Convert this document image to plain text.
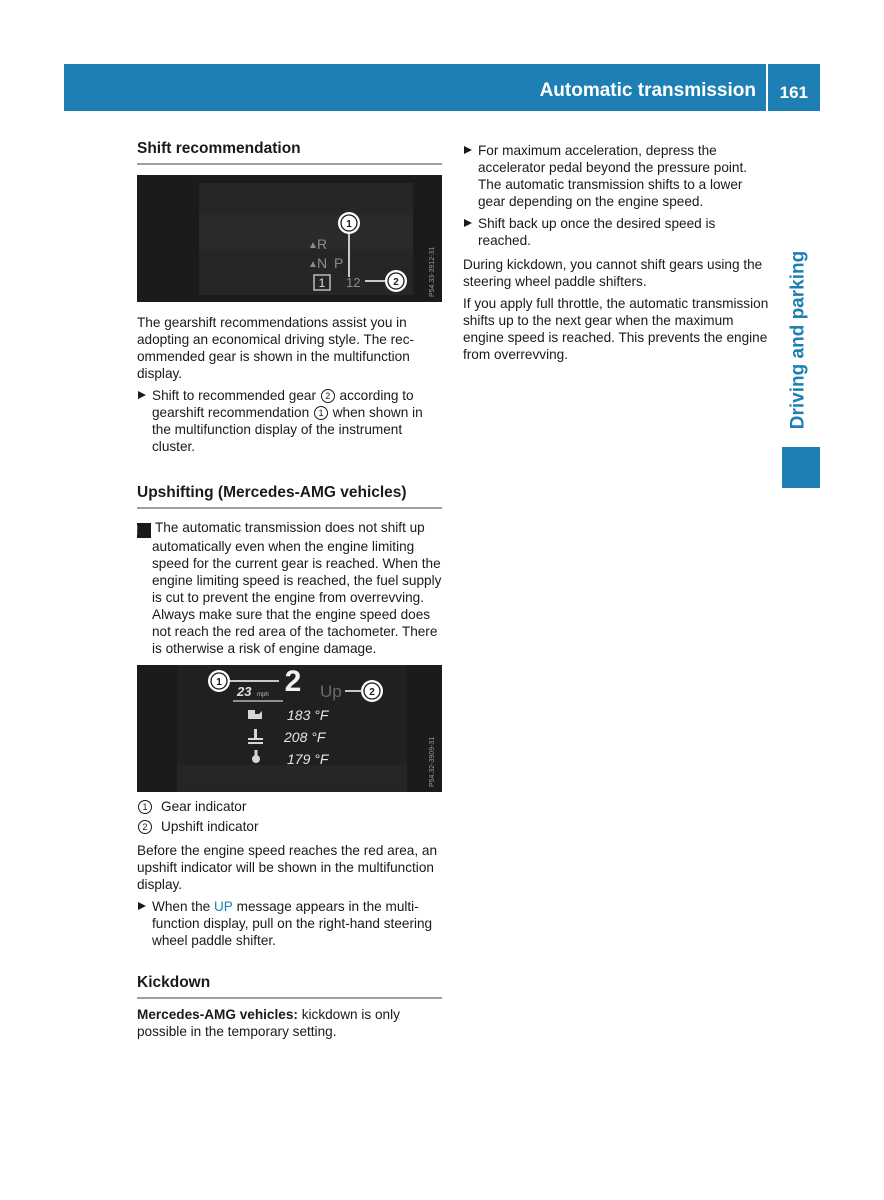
Automatic transmission 161
Driving and parking
Shift recommendation
▲ R
▲ N P
1 12
1
2	P54.33-3912-31

The gearshift recommendations assist you in adopting an economical driving style. The recommended gear is shown in the multifunction display.

Shift to recommended gear 2 according to gearshift recommendation 1 when shown in the multifunction display of the instrument cluster.
Upshifting (Mercedes-AMG vehicles)

! The automatic transmission does not shift up automatically even when the engine limiting speed for the current gear is reached. When the engine limiting speed is reached, the fuel supply is cut to prevent the engine from overrevving. Always make sure that the engine speed does not reach the red area of the tachometer. There is otherwise a risk of engine damage.

1 2
23 mph	Up	2
183 °F
208 °F
179 °F	P54.32-3909-31
1 Gear indicator
2 Upshift indicator

Before the engine speed reaches the red area, an upshift indicator will be shown in the multifunction display.

When the UP message appears in the multifunction display, pull on the right-hand steering wheel paddle shifter.
Kickdown

Mercedes-AMG vehicles: kickdown is only possible in the temporary setting.

For maximum acceleration, depress the accelerator pedal beyond the pressure point. The automatic transmission shifts to a lower gear depending on the engine speed.
Shift back up once the desired speed is reached.

During kickdown, you cannot shift gears using the steering wheel paddle shifters.

If you apply full throttle, the automatic transmission shifts up to the next gear when the maximum engine speed is reached. This prevents the engine from overrevving.
